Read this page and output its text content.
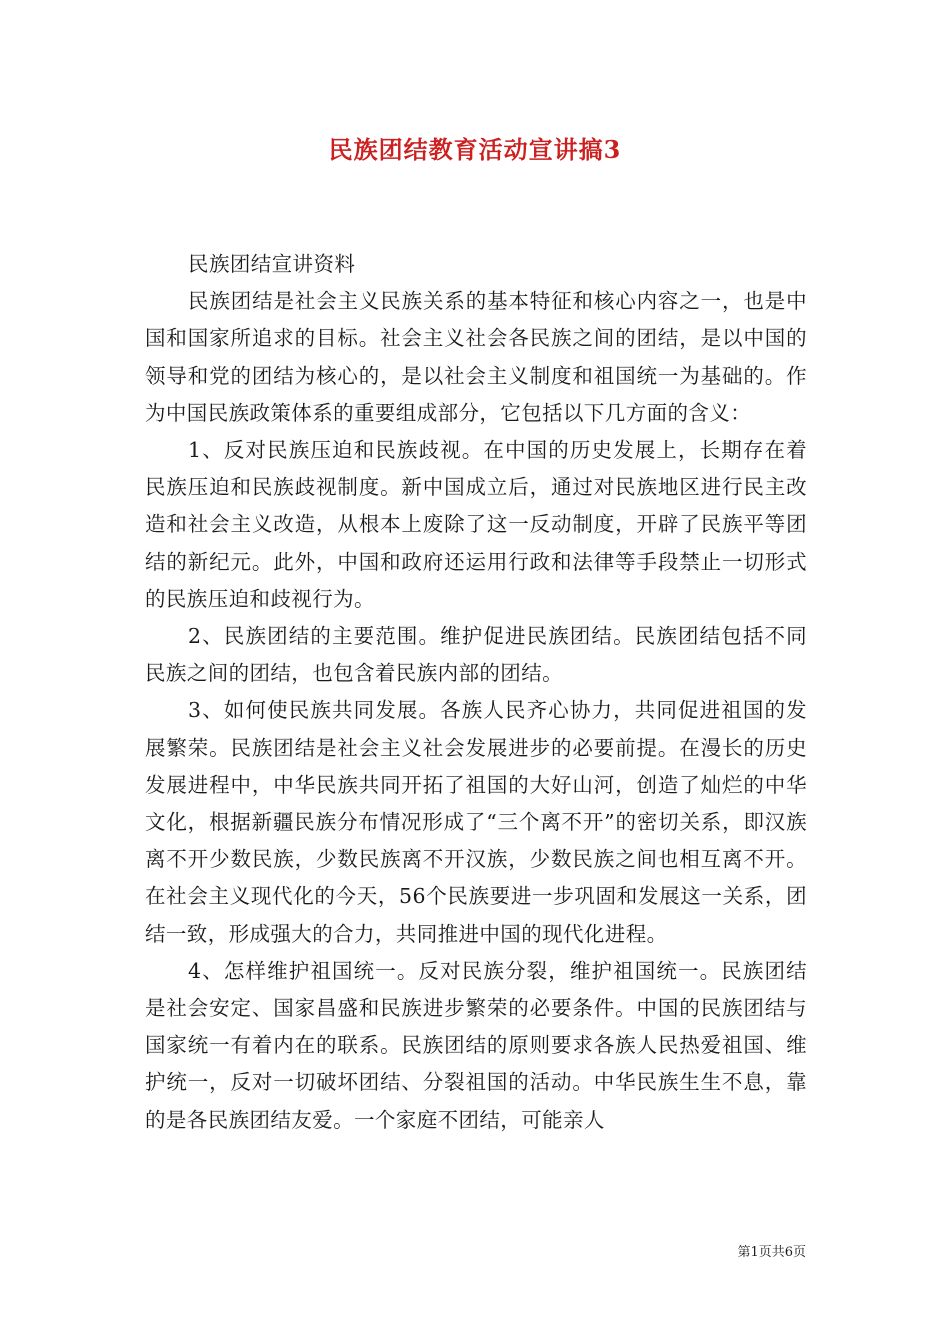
民族团结教育活动宣讲搞3

民族团结宣讲资料

民族团结是社会主义民族关系的基本特征和核心内容之一，也是中国和国家所追求的目标。社会主义社会各民族之间的团结，是以中国的领导和党的团结为核心的，是以社会主义制度和祖国统一为基础的。作为中国民族政策体系的重要组成部分，它包括以下几方面的含义：

1、反对民族压迫和民族歧视。在中国的历史发展上，长期存在着民族压迫和民族歧视制度。新中国成立后，通过对民族地区进行民主改造和社会主义改造，从根本上废除了这一反动制度，开辟了民族平等团结的新纪元。此外，中国和政府还运用行政和法律等手段禁止一切形式的民族压迫和歧视行为。

2、民族团结的主要范围。维护促进民族团结。民族团结包括不同民族之间的团结，也包含着民族内部的团结。

3、如何使民族共同发展。各族人民齐心协力，共同促进祖国的发展繁荣。民族团结是社会主义社会发展进步的必要前提。在漫长的历史发展进程中，中华民族共同开拓了祖国的大好山河，创造了灿烂的中华文化，根据新疆民族分布情况形成了“三个离不开”的密切关系，即汉族离不开少数民族，少数民族离不开汉族，少数民族之间也相互离不开。在社会主义现代化的今天，56个民族要进一步巩固和发展这一关系，团结一致，形成强大的合力，共同推进中国的现代化进程。

4、怎样维护祖国统一。反对民族分裂，维护祖国统一。民族团结是社会安定、国家昌盛和民族进步繁荣的必要条件。中国的民族团结与国家统一有着内在的联系。民族团结的原则要求各族人民热爱祖国、维护统一，反对一切破坏团结、分裂祖国的活动。中华民族生生不息，靠的是各民族团结友爱。一个家庭不团结，可能亲人

第1页共6页
